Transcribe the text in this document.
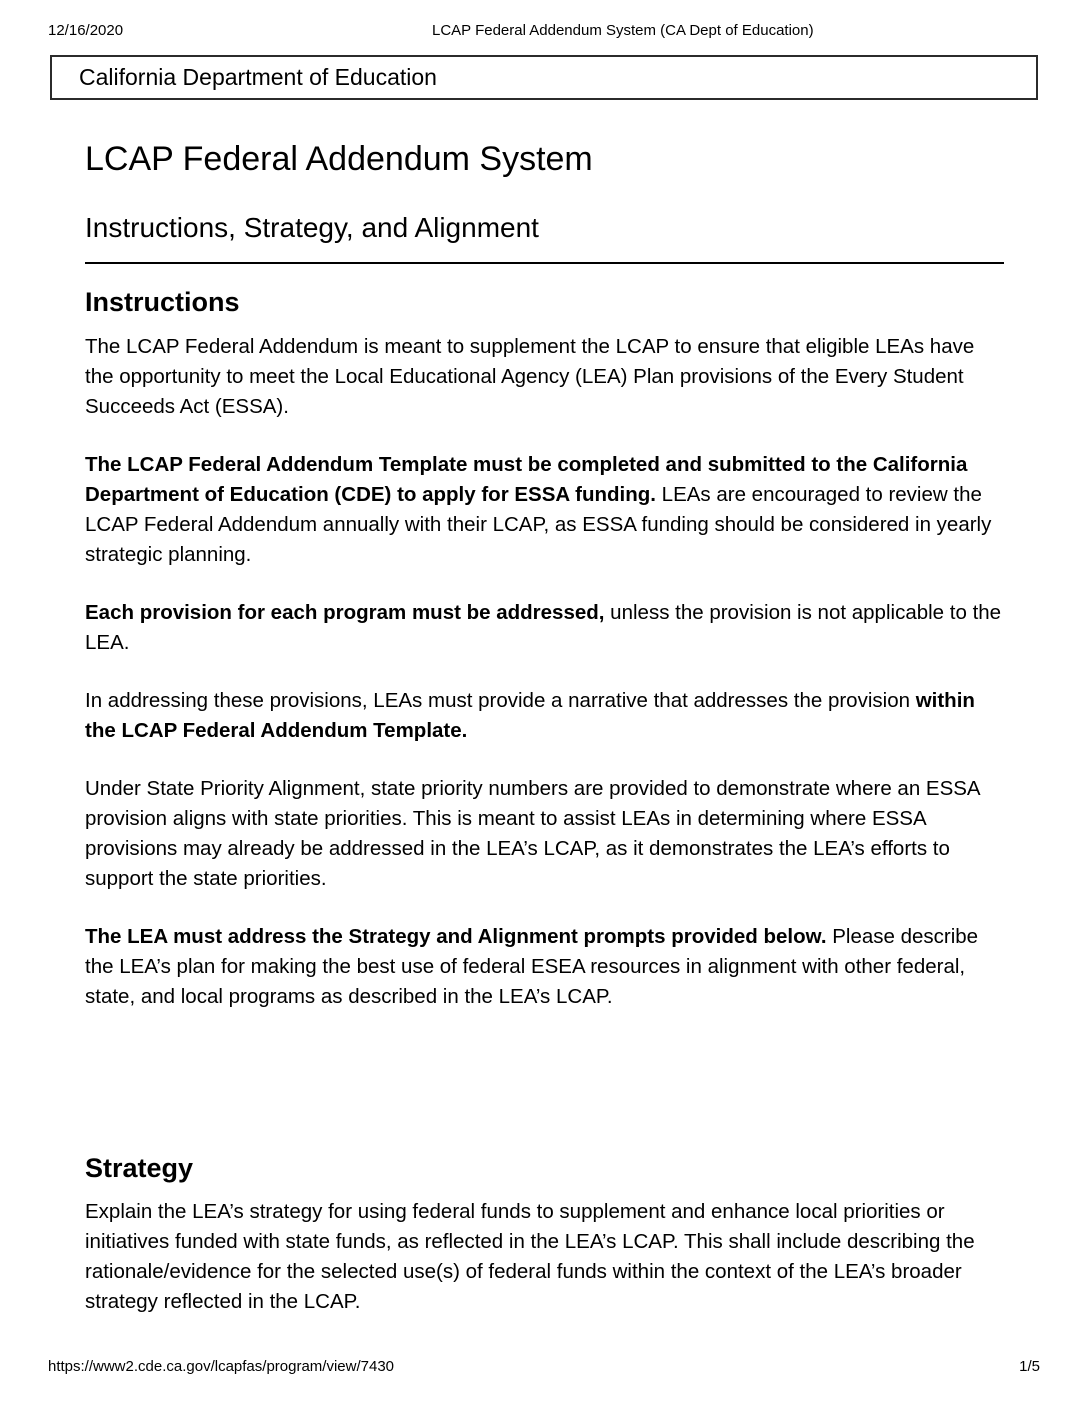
12/16/2020	LCAP Federal Addendum System (CA Dept of Education)
California Department of Education
LCAP Federal Addendum System
Instructions, Strategy, and Alignment
Instructions

The LCAP Federal Addendum is meant to supplement the LCAP to ensure that eligible LEAs have the opportunity to meet the Local Educational Agency (LEA) Plan provisions of the Every Student Succeeds Act (ESSA).

The LCAP Federal Addendum Template must be completed and submitted to the California Department of Education (CDE) to apply for ESSA funding. LEAs are encouraged to review the LCAP Federal Addendum annually with their LCAP, as ESSA funding should be considered in yearly strategic planning.

Each provision for each program must be addressed, unless the provision is not applicable to the LEA.

In addressing these provisions, LEAs must provide a narrative that addresses the provision within the LCAP Federal Addendum Template.

Under State Priority Alignment, state priority numbers are provided to demonstrate where an ESSA provision aligns with state priorities. This is meant to assist LEAs in determining where ESSA provisions may already be addressed in the LEA’s LCAP, as it demonstrates the LEA’s efforts to support the state priorities.

The LEA must address the Strategy and Alignment prompts provided below. Please describe the LEA’s plan for making the best use of federal ESEA resources in alignment with other federal, state, and local programs as described in the LEA’s LCAP.

Strategy

Explain the LEA’s strategy for using federal funds to supplement and enhance local priorities or initiatives funded with state funds, as reflected in the LEA’s LCAP. This shall include describing the rationale/evidence for the selected use(s) of federal funds within the context of the LEA’s broader strategy reflected in the LCAP.

https://www2.cde.ca.gov/lcapfas/program/view/7430	1/5
